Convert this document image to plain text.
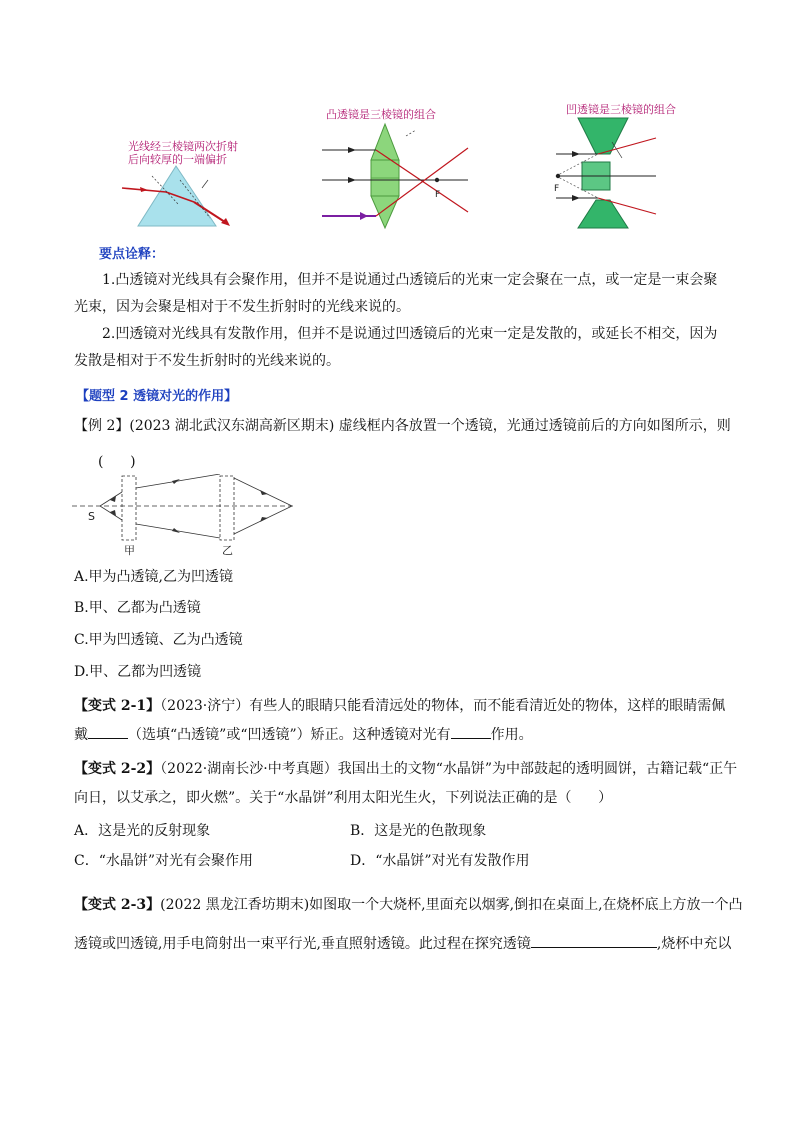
光线经三棱镜两次折射
后向较厚的一端偏折
凸透镜是三棱镜的组合
F
凹透镜是三棱镜的组合
F
要点诠释：
1.凸透镜对光线具有会聚作用，但并不是说通过凸透镜后的光束一定会聚在一点，或一定是一束会聚
光束，因为会聚是相对于不发生折射时的光线来说的。
2.凹透镜对光线具有发散作用，但并不是说通过凹透镜后的光束一定是发散的，或延长不相交，因为
发散是相对于不发生折射时的光线来说的。
【题型 2 透镜对光的作用】
【例 2】(2023 湖北武汉东湖高新区期末) 虚线框内各放置一个透镜，光通过透镜前后的方向如图所示，则
(      )
S
甲	乙
A.甲为凸透镜,乙为凹透镜
B.甲、乙都为凸透镜
C.甲为凹透镜、乙为凸透镜
D.甲、乙都为凹透镜
【变式 2-1】（2023·济宁）有些人的眼睛只能看清远处的物体，而不能看清近处的物体，这样的眼睛需佩
戴	（选填“凸透镜”或“凹透镜”）矫正。这种透镜对光有	作用。
【变式 2-2】（2022·湖南长沙·中考真题）我国出土的文物“水晶饼”为中部鼓起的透明圆饼，古籍记载“正午
向日，以艾承之，即火燃”。关于“水晶饼”利用太阳光生火，下列说法正确的是（      ）
A．这是光的反射现象	B．这是光的色散现象
C．“水晶饼”对光有会聚作用	D．“水晶饼”对光有发散作用
【变式 2-3】(2022 黑龙江香坊期末)如图取一个大烧杯,里面充以烟雾,倒扣在桌面上,在烧杯底上方放一个凸
透镜或凹透镜,用手电筒射出一束平行光,垂直照射透镜。此过程在探究透镜	,烧杯中充以
